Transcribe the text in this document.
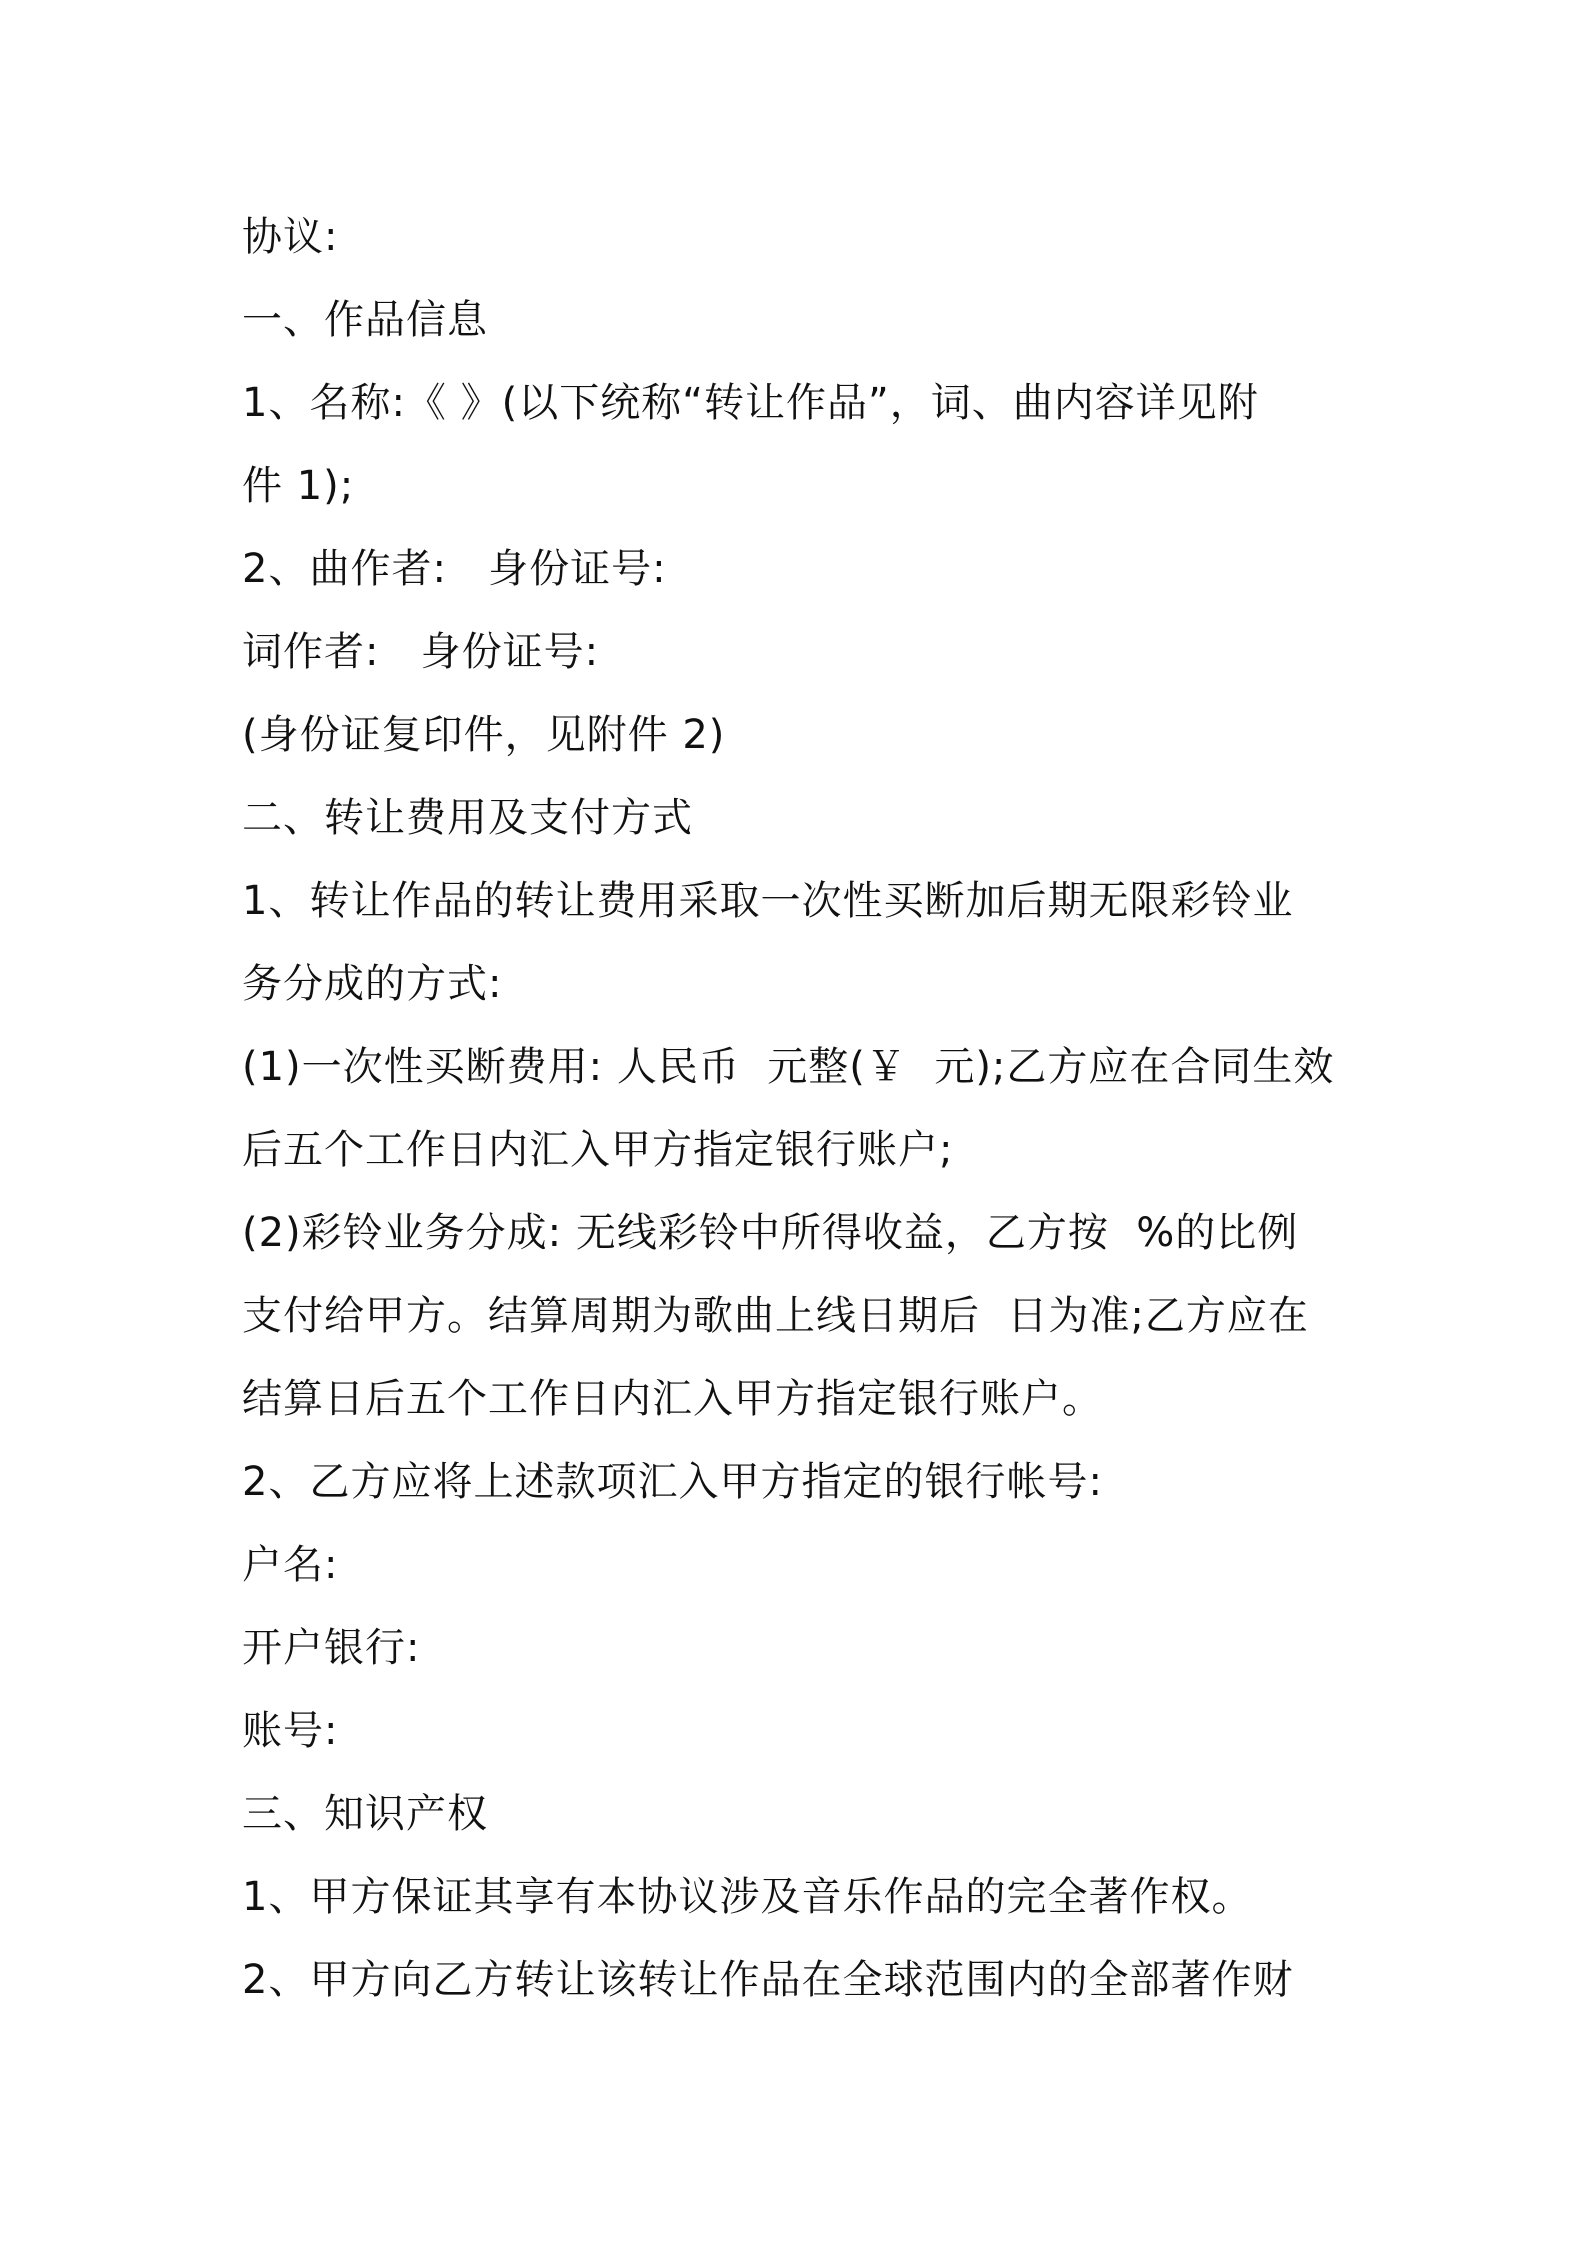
协议:
一、作品信息
1、名称:《 》(以下统称“转让作品”，词、曲内容详见附
件 1);
2、曲作者:   身份证号:
词作者:   身份证号:
(身份证复印件，见附件 2)
二、转让费用及支付方式
1、转让作品的转让费用采取一次性买断加后期无限彩铃业
务分成的方式:
(1)一次性买断费用: 人民币  元整(￥  元);乙方应在合同生效
后五个工作日内汇入甲方指定银行账户;
(2)彩铃业务分成: 无线彩铃中所得收益，乙方按  %的比例
支付给甲方。结算周期为歌曲上线日期后  日为准;乙方应在
结算日后五个工作日内汇入甲方指定银行账户。
2、乙方应将上述款项汇入甲方指定的银行帐号:
户名:
开户银行:
账号:
三、知识产权
1、甲方保证其享有本协议涉及音乐作品的完全著作权。
2、甲方向乙方转让该转让作品在全球范围内的全部著作财
